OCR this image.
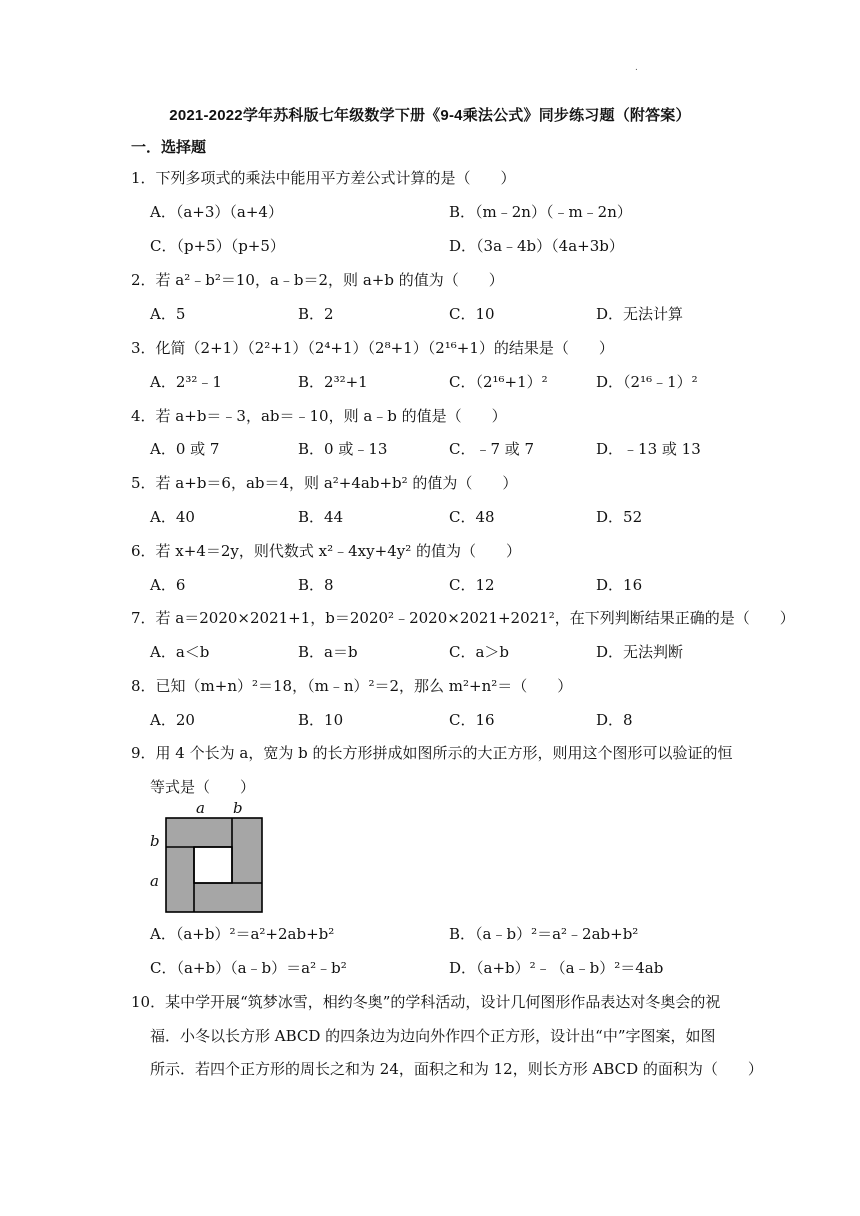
.
2021-2022学年苏科版七年级数学下册《9-4乘法公式》同步练习题（附答案）
一．选择题
1．下列多项式的乘法中能用平方差公式计算的是（　　）
A．（a+3）（a+4）	B．（m﹣2n）（﹣m﹣2n）
C．（p+5）（p+5）	D．（3a﹣4b）（4a+3b）
2．若 a²﹣b²＝10，a﹣b＝2，则 a+b 的值为（　　）
A．5	B．2	C．10	D．无法计算
3．化简（2+1）（2²+1）（2⁴+1）（2⁸+1）（2¹⁶+1）的结果是（　　）
A．2³²﹣1	B．2³²+1	C．（2¹⁶+1）²	D．（2¹⁶﹣1）²
4．若 a+b＝﹣3，ab＝﹣10，则 a﹣b 的值是（　　）
A．0 或 7	B．0 或﹣13	C．﹣7 或 7	D．﹣13 或 13
5．若 a+b＝6，ab＝4，则 a²+4ab+b² 的值为（　　）
A．40	B．44	C．48	D．52
6．若 x+4＝2y，则代数式 x²﹣4xy+4y² 的值为（　　）
A．6	B．8	C．12	D．16
7．若 a＝2020×2021+1，b＝2020²﹣2020×2021+2021²，在下列判断结果正确的是（　　）
A．a＜b	B．a＝b	C．a＞b	D．无法判断
8．已知（m+n）²＝18，（m﹣n）²＝2，那么 m²+n²＝（　　）
A．20	B．10	C．16	D．8
9．用 4 个长为 a，宽为 b 的长方形拼成如图所示的大正方形，则用这个图形可以验证的恒
等式是（　　）
a b
b
a
A．（a+b）²＝a²+2ab+b²	B．（a﹣b）²＝a²﹣2ab+b²
C．（a+b）（a﹣b）＝a²﹣b²	D．（a+b）²﹣（a﹣b）²＝4ab
10．某中学开展“筑梦冰雪，相约冬奥”的学科活动，设计几何图形作品表达对冬奥会的祝
福．小冬以长方形 ABCD 的四条边为边向外作四个正方形，设计出“中”字图案，如图
所示．若四个正方形的周长之和为 24，面积之和为 12，则长方形 ABCD 的面积为（　　）
